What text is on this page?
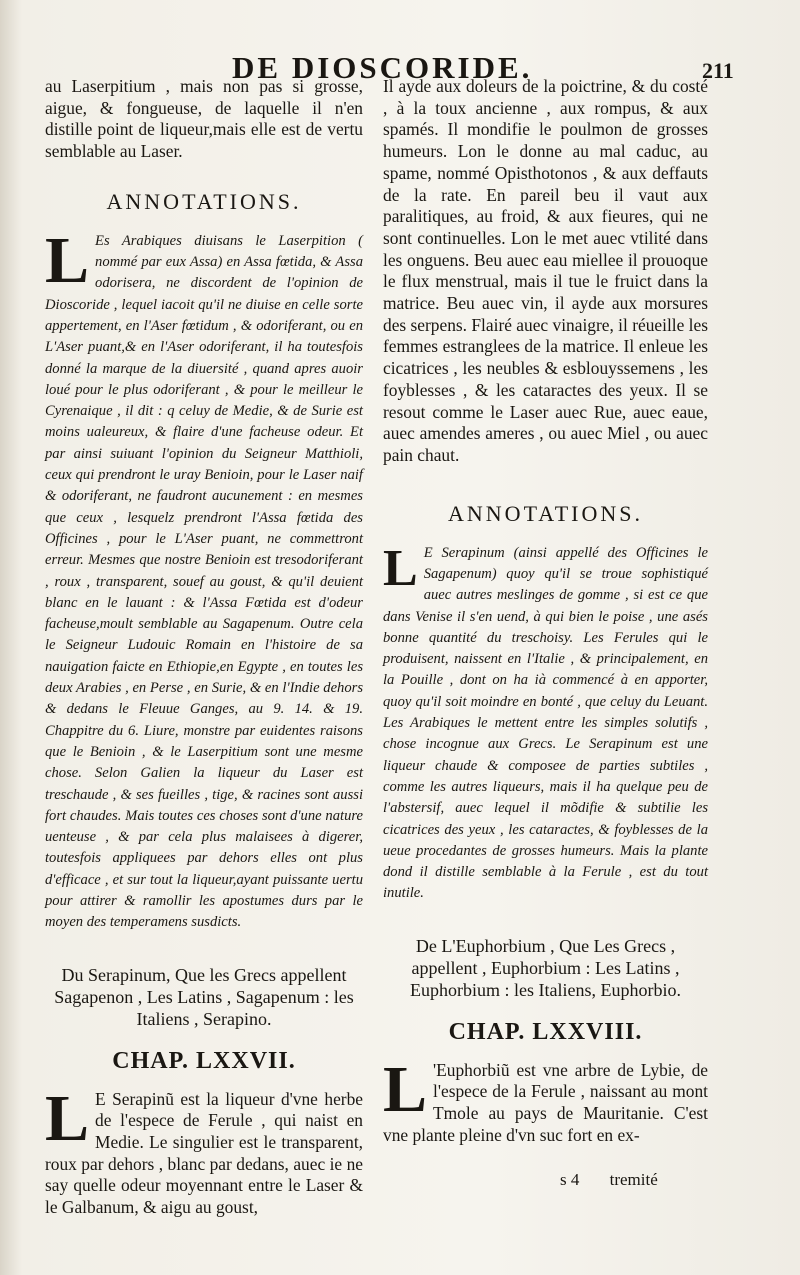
DE DIOSCORIDE.	211

au Laserpitium , mais non pas si grosse, aigue, & fongueuse, de laquelle il n'en distille point de liqueur,mais elle est de vertu semblable au Laser.

ANNOTATIONS.

L Es Arabiques diuisans le Laserpition ( nommé par eux Assa) en Assa fœtida, & Assa odorisera, ne discordent de l'opinion de Dioscoride , lequel iacoit qu'il ne diuise en celle sorte appertement, en l'Aser fœtidum , & odoriferant, ou en L'Aser puant,& en l'Aser odoriferant, il ha toutesfois donné la marque de la diuersité , quand apres auoir loué pour le plus odoriferant , & pour le meilleur le Cyrenaique , il dit : q celuy de Medie, & de Surie est moins ualeureux, & flaire d'une facheuse odeur. Et par ainsi suiuant l'opinion du Seigneur Matthioli, ceux qui prendront le uray Benioin, pour le Laser naif & odoriferant, ne faudront aucunement : en mesmes que ceux , lesquelz prendront l'Assa fœtida des Officines , pour le L'Aser puant, ne commettront erreur. Mesmes que nostre Benioin est tresodoriferant , roux , transparent, souef au goust, & qu'il deuient blanc en le lauant : & l'Assa Fœtida est d'odeur facheuse,moult semblable au Sagapenum. Outre cela le Seigneur Ludouic Romain en l'histoire de sa nauigation faicte en Ethiopie,en Egypte , en toutes les deux Arabies , en Perse , en Surie, & en l'Indie dehors & dedans le Fleuue Ganges, au 9. 14. & 19. Chappitre du 6. Liure, monstre par euidentes raisons que le Benioin , & le Laserpitium sont une mesme chose. Selon Galien la liqueur du Laser est treschaude , & ses fueilles , tige, & racines sont aussi fort chaudes. Mais toutes ces choses sont d'une nature uenteuse , & par cela plus malaisees à digerer, toutesfois appliquees par dehors elles ont plus d'efficace , et sur tout la liqueur,ayant puissante uertu pour attirer & ramollir les apostumes durs par le moyen des temperamens susdicts.

Du Serapinum, Que les Grecs appellent Sagapenon , Les Latins , Sagapenum : les Italiens , Serapino.

CHAP. LXXVII.

L E Serapinũ est la liqueur d'vne herbe de l'espece de Ferule , qui naist en Medie. Le singulier est le transparent, roux par dehors , blanc par dedans, auec ie ne say quelle odeur moyennant entre le Laser & le Galbanum, & aigu au goust,

Il ayde aux doleurs de la poictrine, & du costé , à la toux ancienne , aux rompus, & aux spamés. Il mondifie le poulmon de grosses humeurs. Lon le donne au mal caduc, au spame, nommé Opisthotonos , & aux deffauts de la rate. En pareil beu il vaut aux paralitiques, au froid, & aux fieures, qui ne sont continuelles. Lon le met auec vtilité dans les onguens. Beu auec eau miellee il prouoque le flux menstrual, mais il tue le fruict dans la matrice. Beu auec vin, il ayde aux morsures des serpens. Flairé auec vinaigre, il réueille les femmes estranglees de la matrice. Il enleue les cicatrices , les neubles & esblouyssemens , les foyblesses , & les cataractes des yeux. Il se resout comme le Laser auec Rue, auec eaue, auec amendes ameres , ou auec Miel , ou auec pain chaut.

ANNOTATIONS.

L E Serapinum (ainsi appellé des Officines le Sagapenum) quoy qu'il se troue sophistiqué auec autres meslinges de gomme , si est ce que dans Venise il s'en uend, à qui bien le poise , une asés bonne quantité du treschoisy. Les Ferules qui le produisent, naissent en l'Italie , & principalement, en la Pouille , dont on ha ià commencé à en apporter, quoy qu'il soit moindre en bonté , que celuy du Leuant. Les Arabiques le mettent entre les simples solutifs , chose incognue aux Grecs. Le Serapinum est une liqueur chaude & composee de parties subtiles , comme les autres liqueurs, mais il ha quelque peu de l'abstersif, auec lequel il mõdifie & subtilie les cicatrices des yeux , les cataractes, & foyblesses de la ueue procedantes de grosses humeurs. Mais la plante dond il distille semblable à la Ferule , est du tout inutile.

De L'Euphorbium , Que Les Grecs , appellent , Euphorbium : Les Latins , Euphorbium : les Italiens, Euphorbio.

CHAP. LXXVIII.

L 'Euphorbiũ est vne arbre de Lybie, de l'espece de la Ferule , naissant au mont Tmole au pays de Mauritanie. C'est vne plante pleine d'vn suc fort en ex-

s 4 tremité
